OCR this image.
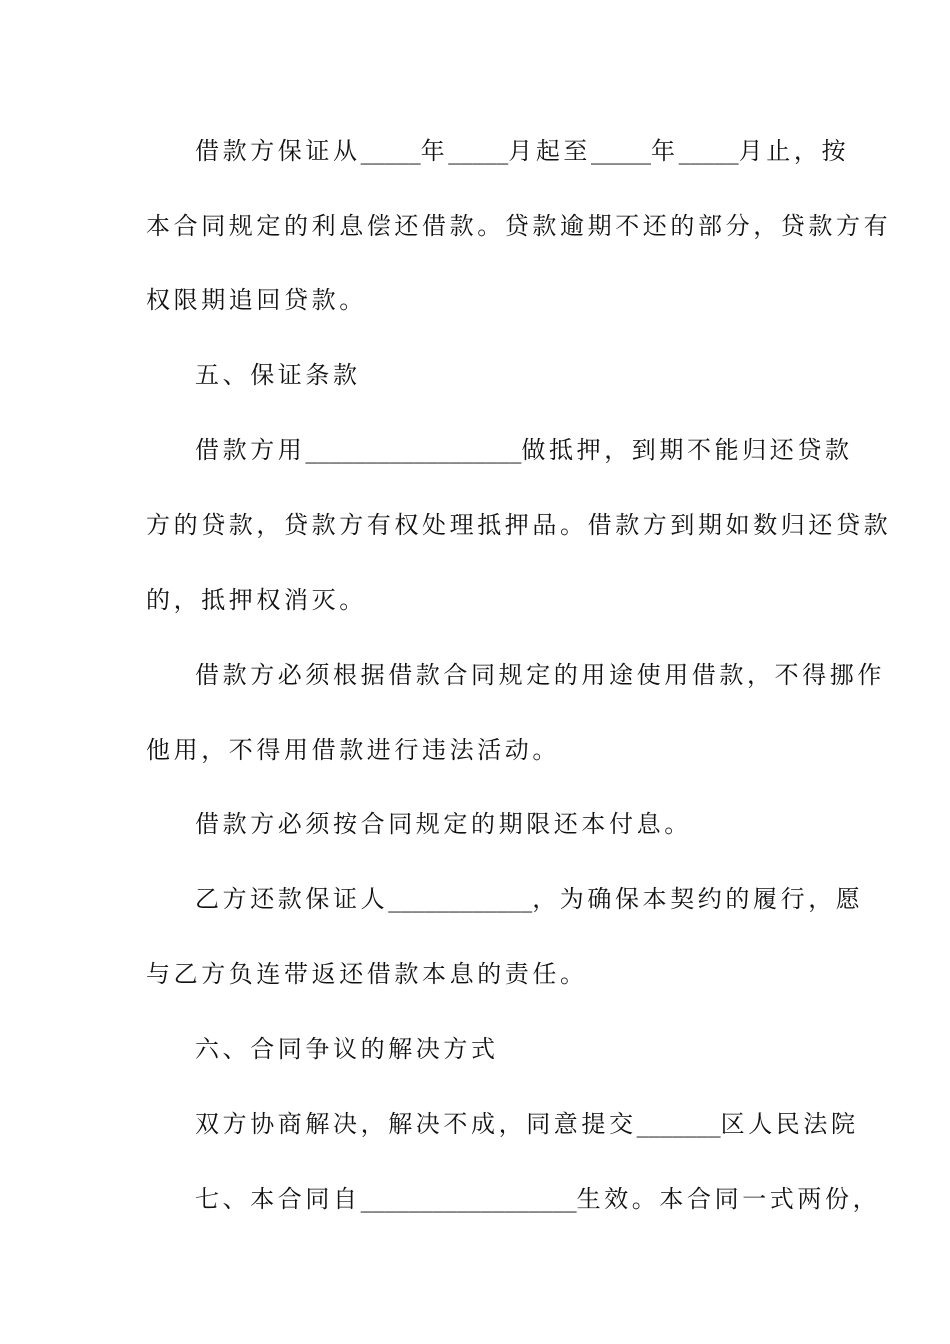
借款方保证从_____年_____月起至_____年_____月止，按
本合同规定的利息偿还借款。贷款逾期不还的部分，贷款方有
权限期追回贷款。
五、保证条款
借款方用__________________做抵押，到期不能归还贷款
方的贷款，贷款方有权处理抵押品。借款方到期如数归还贷款
的，抵押权消灭。
借款方必须根据借款合同规定的用途使用借款，不得挪作
他用，不得用借款进行违法活动。
借款方必须按合同规定的期限还本付息。
乙方还款保证人____________，为确保本契约的履行，愿
与乙方负连带返还借款本息的责任。
六、合同争议的解决方式
双方协商解决，解决不成，同意提交_______区人民法院
七、本合同自__________________生效。本合同一式两份，
